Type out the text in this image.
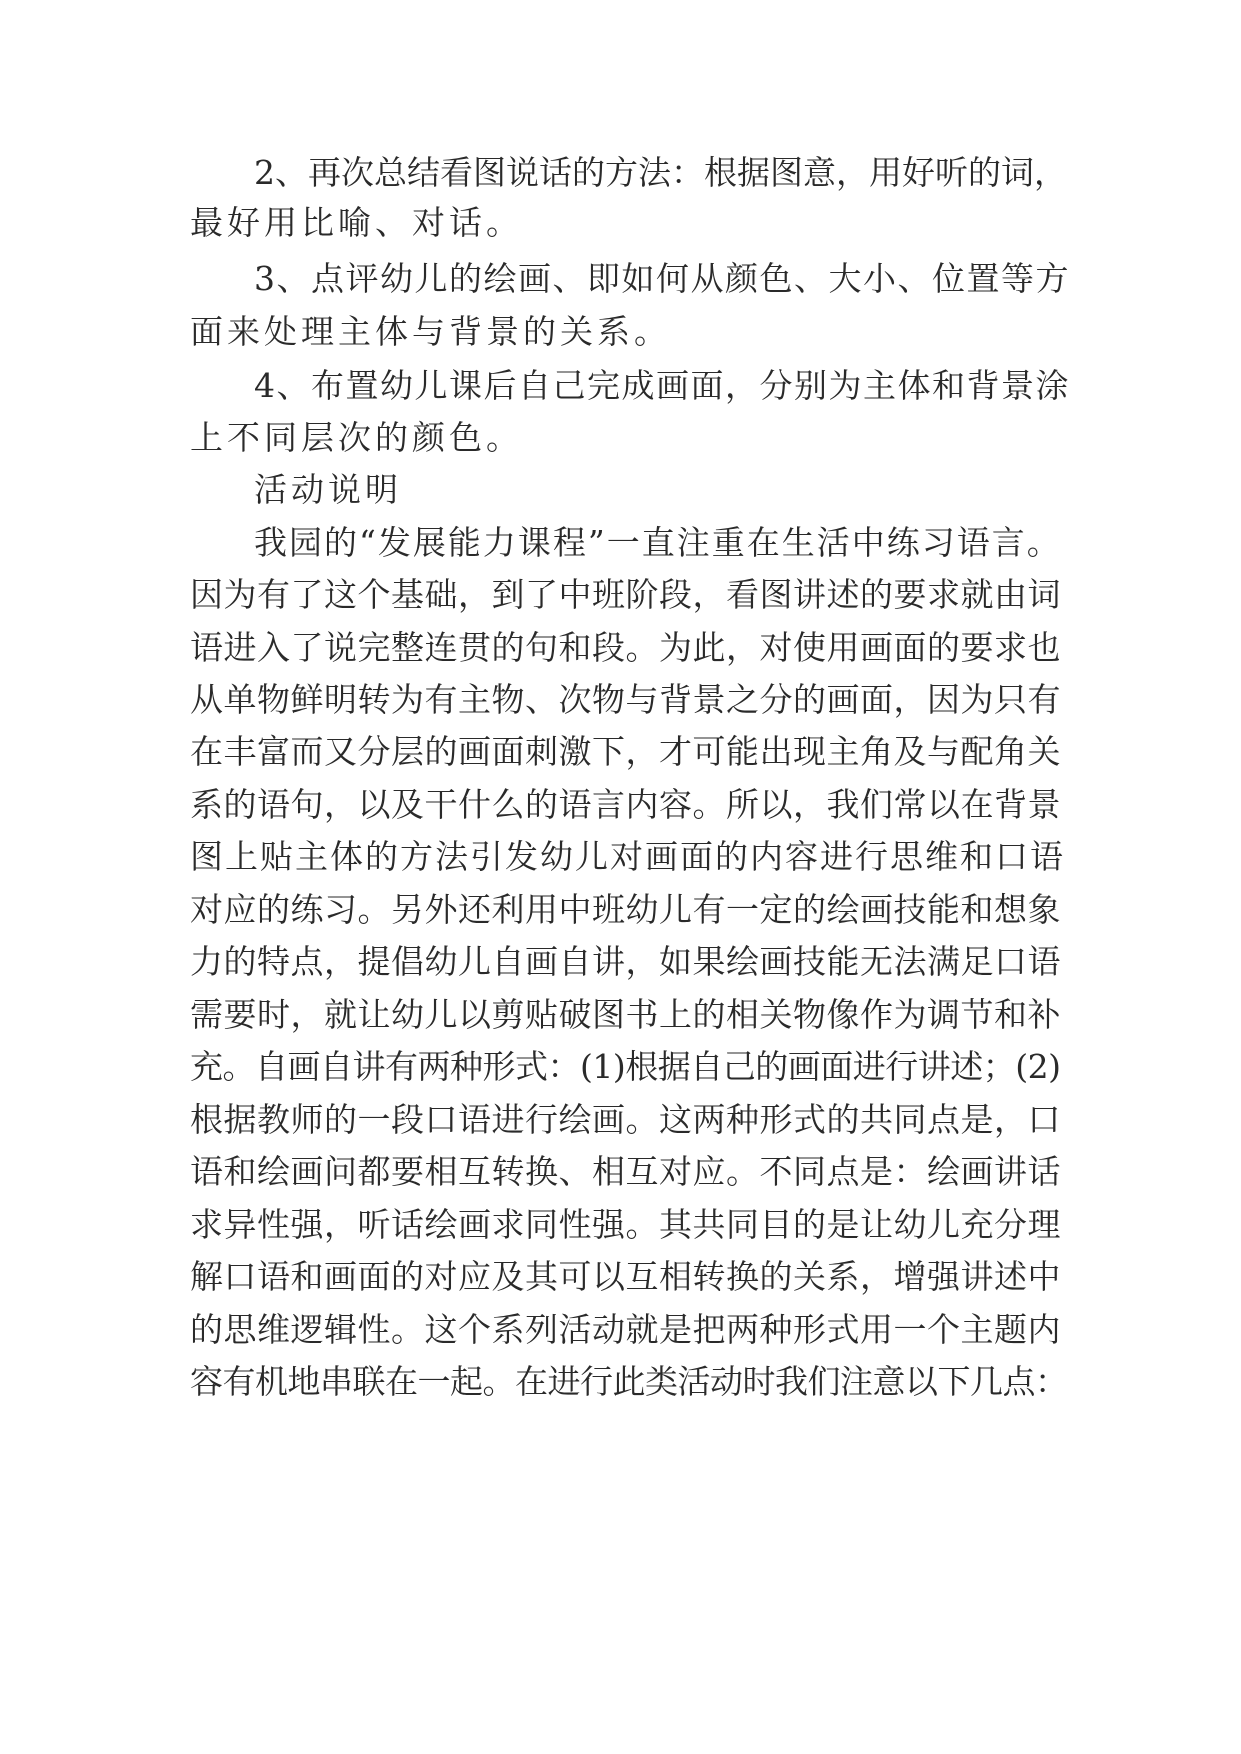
2、再次总结看图说话的方法：根据图意，用好听的词，
最好用比喻、对话。
3、点评幼儿的绘画、即如何从颜色、大小、位置等方
面来处理主体与背景的关系。
4、布置幼儿课后自己完成画面，分别为主体和背景涂
上不同层次的颜色。
活动说明
我园的“发展能力课程”一直注重在生活中练习语言。
因为有了这个基础，到了中班阶段，看图讲述的要求就由词
语进入了说完整连贯的句和段。为此，对使用画面的要求也
从单物鲜明转为有主物、次物与背景之分的画面，因为只有
在丰富而又分层的画面刺激下，才可能出现主角及与配角关
系的语句，以及干什么的语言内容。所以，我们常以在背景
图上贴主体的方法引发幼儿对画面的内容进行思维和口语
对应的练习。另外还利用中班幼儿有一定的绘画技能和想象
力的特点，提倡幼儿自画自讲，如果绘画技能无法满足口语
需要时，就让幼儿以剪贴破图书上的相关物像作为调节和补
充。自画自讲有两种形式：(1)根据自己的画面进行讲述；(2)
根据教师的一段口语进行绘画。这两种形式的共同点是，口
语和绘画问都要相互转换、相互对应。不同点是：绘画讲话
求异性强，听话绘画求同性强。其共同目的是让幼儿充分理
解口语和画面的对应及其可以互相转换的关系，增强讲述中
的思维逻辑性。这个系列活动就是把两种形式用一个主题内
容有机地串联在一起。在进行此类活动时我们注意以下几点：
